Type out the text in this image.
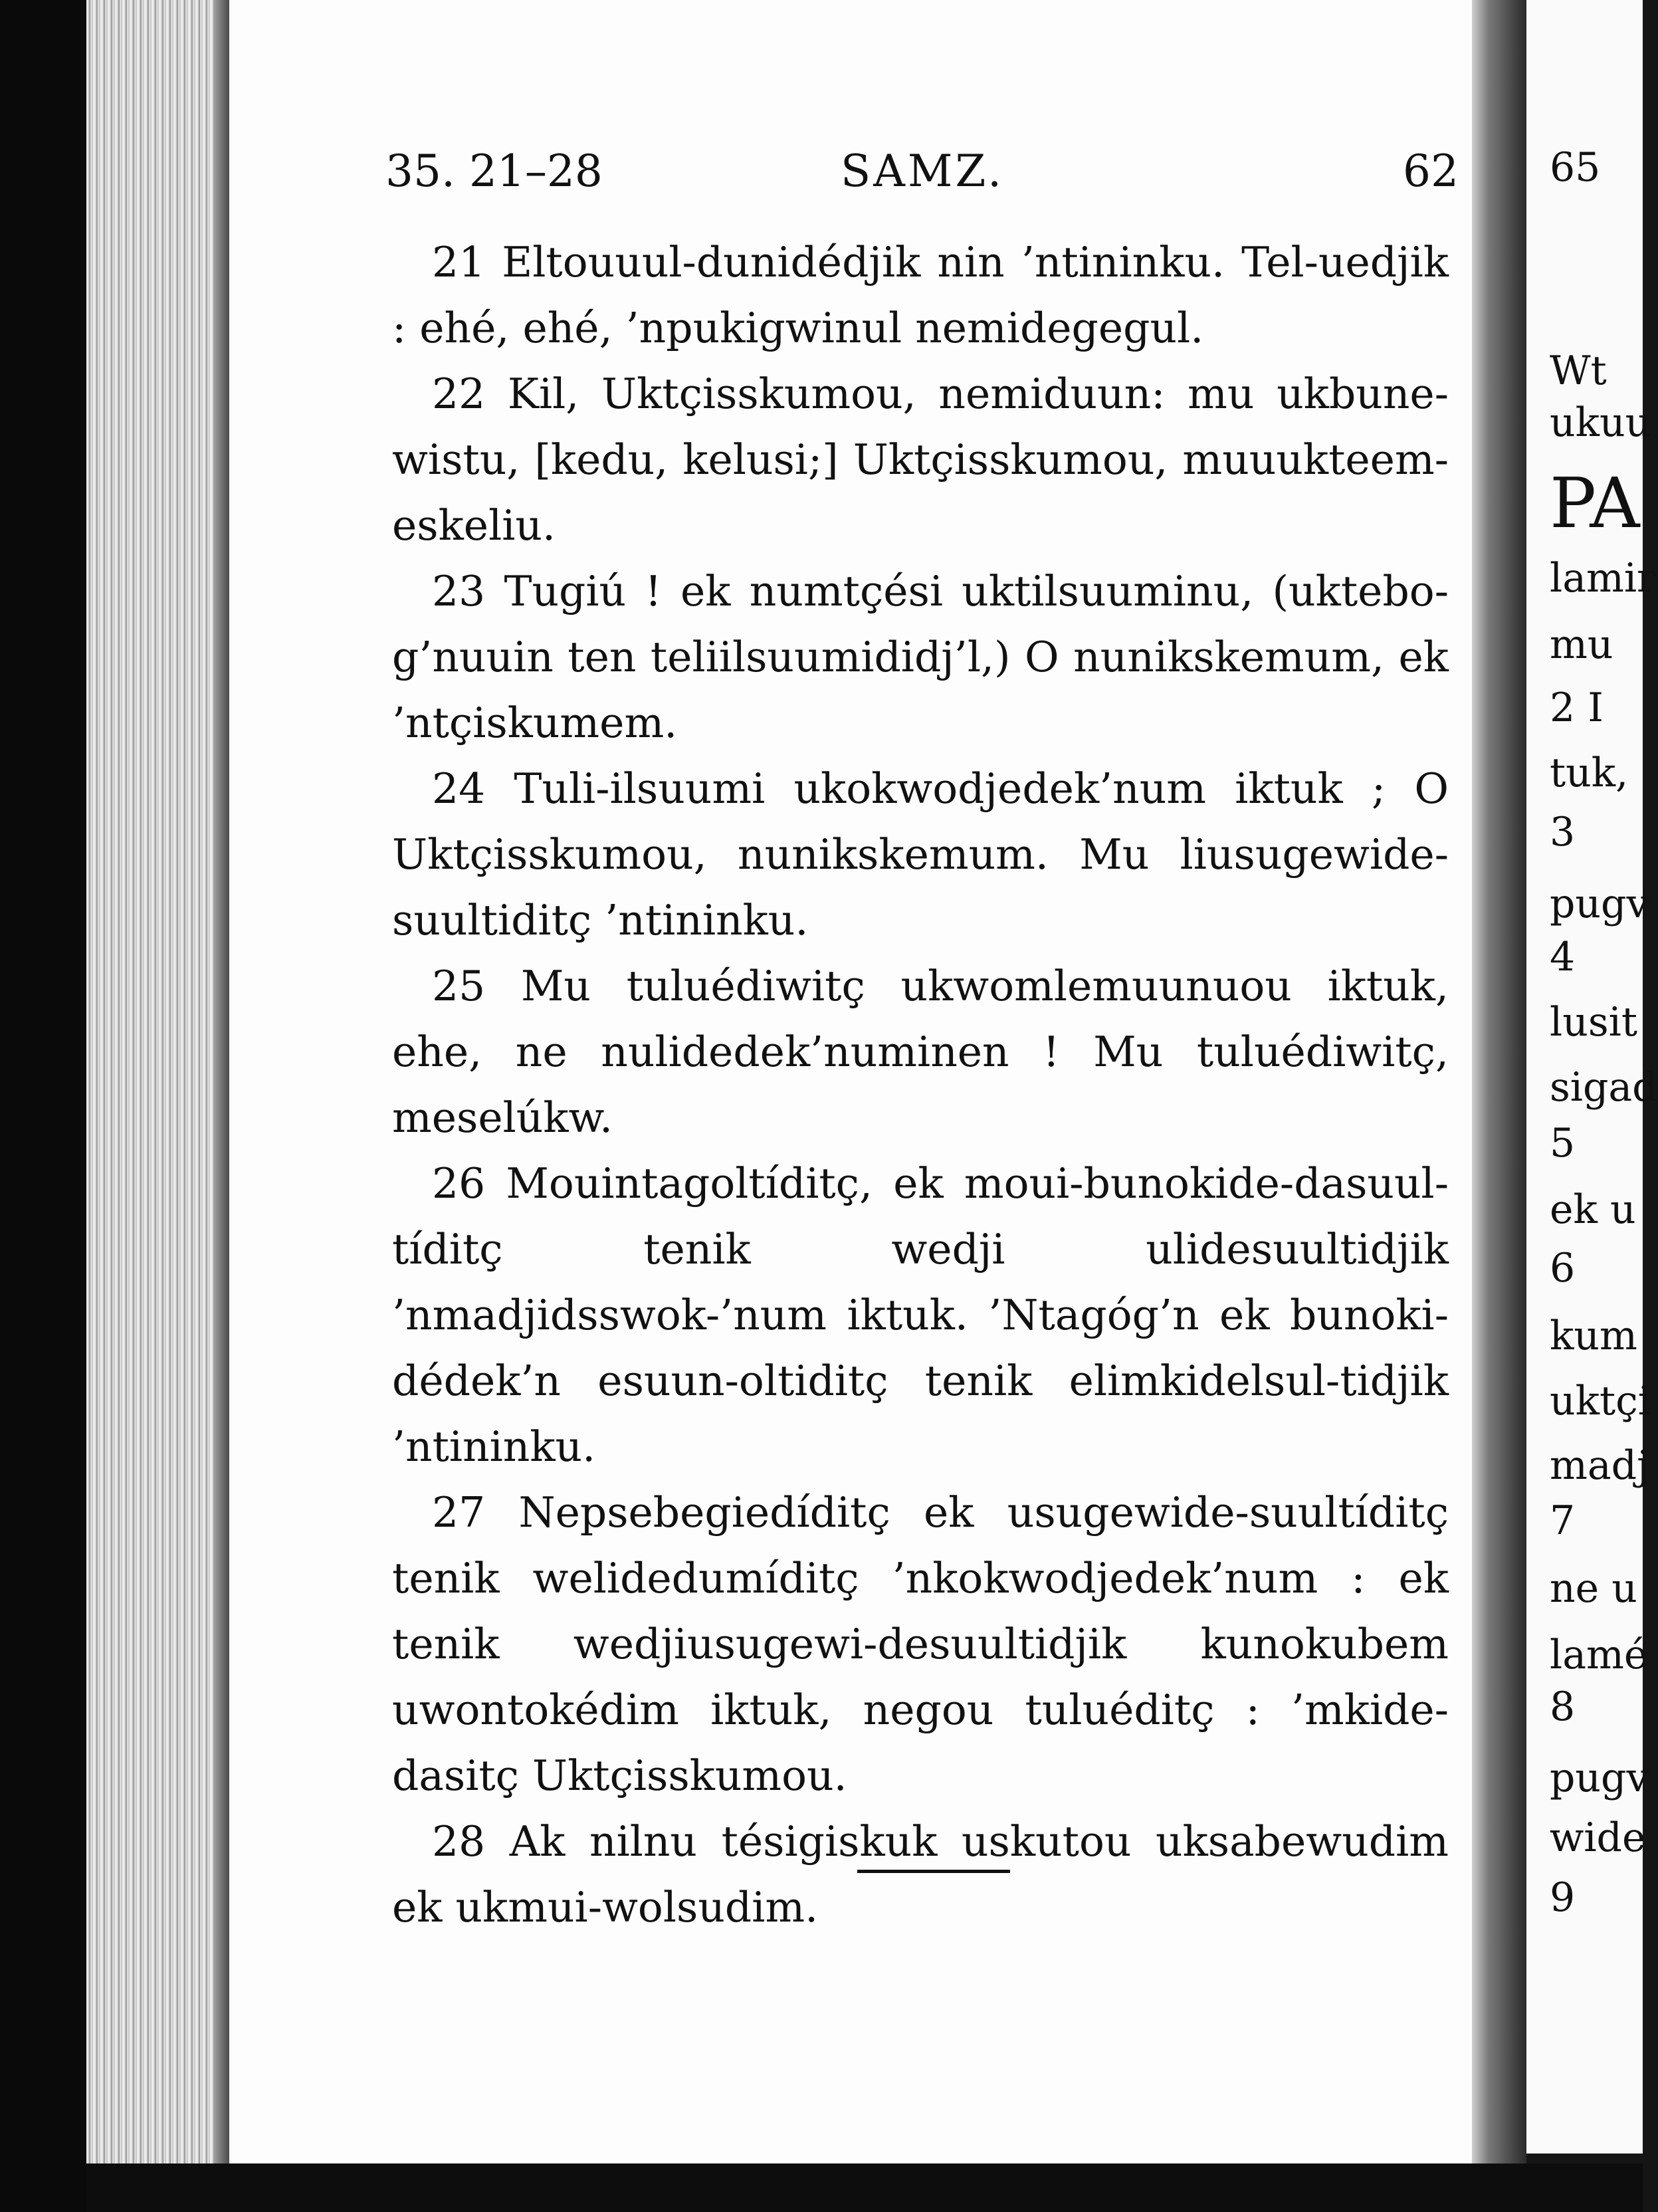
35. 21–28	SAMZ.	62

21 Eltouuul-dunidédjik nin ’ntininku. Tel-uedjik : ehé, ehé, ’npukigwinul nemidegegul.

22 Kil, Uktçisskumou, nemiduun: mu ukbune-wistu, [kedu, kelusi;] Uktçisskumou, muuukteem-eskeliu.

23 Tugiú ! ek numtçési uktilsuuminu, (uktebo-g’nuuin ten teliilsuumididj’l,) O nunikskemum, ek ’ntçiskumem.

24 Tuli-ilsuumi ukokwodjedek’num iktuk ; O Uktçisskumou, nunikskemum. Mu liusugewide-suultiditç ’ntininku.

25 Mu tuluédiwitç ukwomlemuunuou iktuk, ehe, ne nulidedek’numinen ! Mu tuluédiwitç, meselúkw.

26 Mouintagoltíditç, ek moui-bunokide-dasuul-tíditç tenik wedji ulidesuultidjik ’nmadjidsswok-’num iktuk. ’Ntagóg’n ek bunoki-dédek’n esuun-oltiditç tenik elimkidelsul-tidjik ’ntininku.

27 Nepsebegiedíditç ek usugewide-suultíditç tenik welidedumíditç ’nkokwodjedek’num : ek tenik wedjiusugewi-desuultidjik kunokubem uwontokédim iktuk, negou tuluéditç : ’mkide-dasitç Uktçisskumou.

28 Ak nilnu tésigiskuk uskutou uksabewudim ek ukmui-wolsudim.

65
Wt
ukuu
PA
lamir
mu
2 I
tuk,
3
pugv
4
lusit
sigad
5
ek u
6
kum
uktçi
madj
7
ne u
lamé
8
pugv
wide
9
